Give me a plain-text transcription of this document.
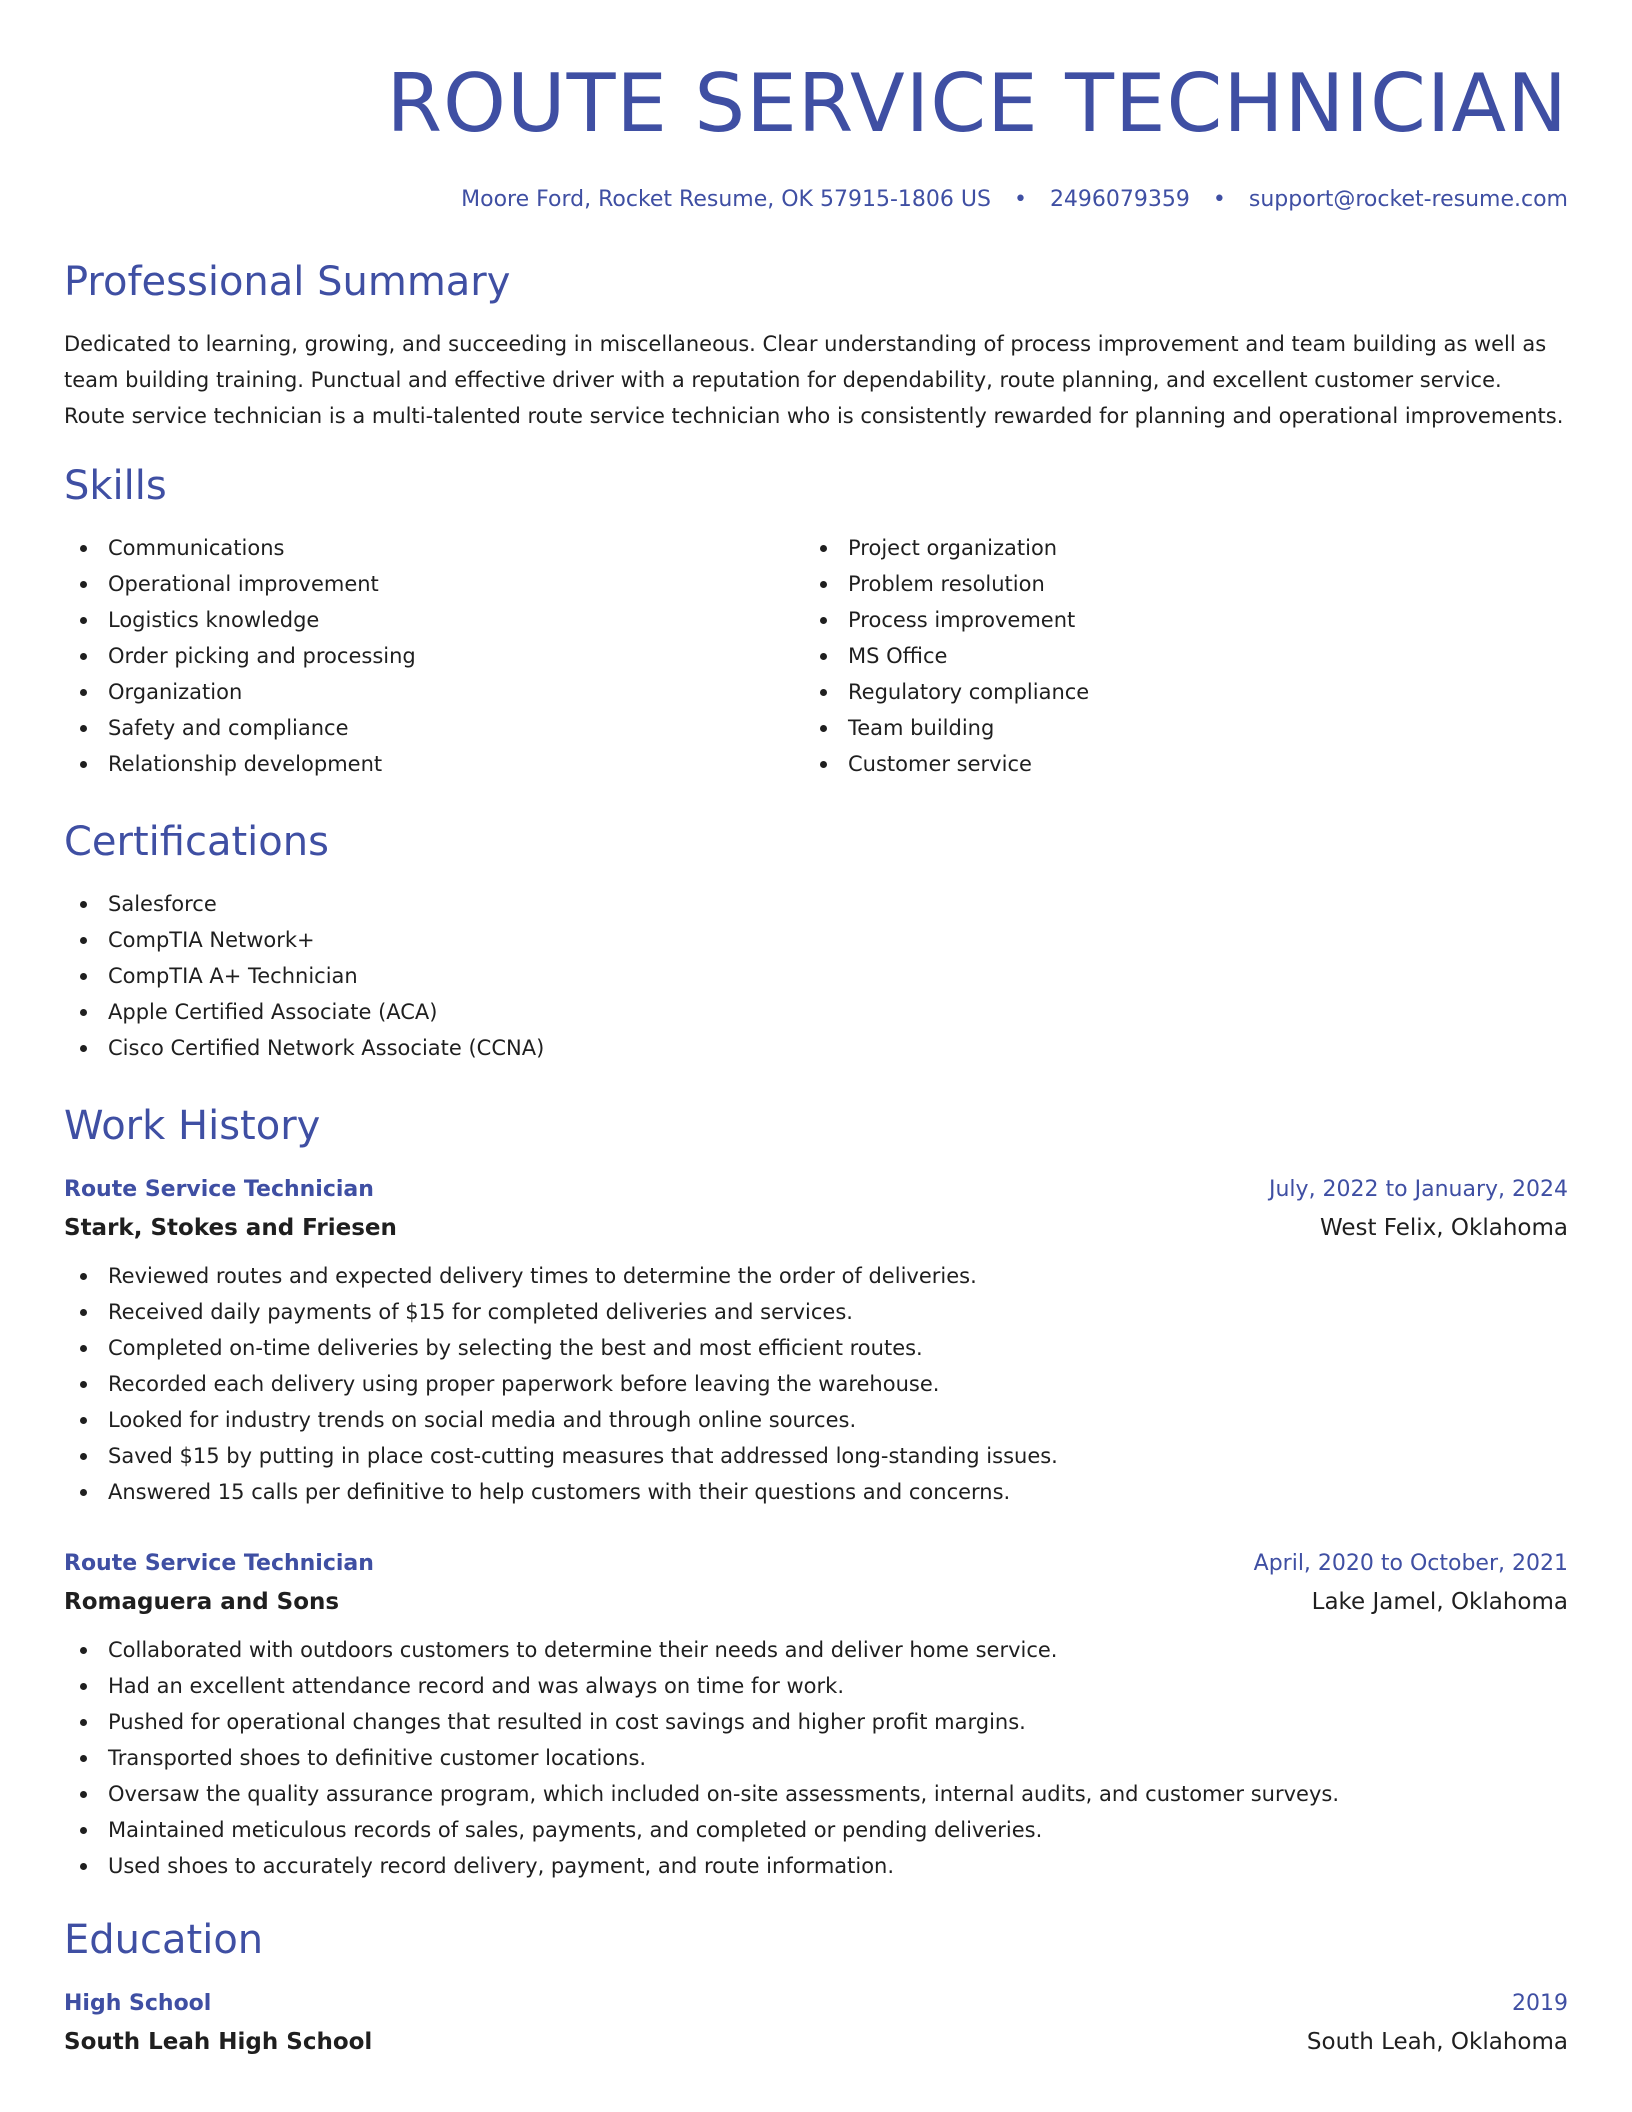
ROUTE SERVICE TECHNICIAN
Moore Ford, Rocket Resume, OK 57915-1806 US • 2496079359 • support@rocket-resume.com
Professional Summary

Dedicated to learning, growing, and succeeding in miscellaneous. Clear understanding of process improvement and team building as well as team building training. Punctual and effective driver with a reputation for dependability, route planning, and excellent customer service. Route service technician is a multi-talented route service technician who is consistently rewarded for planning and operational improvements.

Skills
Communications
Operational improvement
Logistics knowledge
Order picking and processing
Organization
Safety and compliance
Relationship development
Project organization
Problem resolution
Process improvement
MS Office
Regulatory compliance
Team building
Customer service
Certifications
Salesforce
CompTIA Network+
CompTIA A+ Technician
Apple Certified Associate (ACA)
Cisco Certified Network Associate (CCNA)
Work History
Route Service Technician	July, 2022 to January, 2024
Stark, Stokes and Friesen	West Felix, Oklahoma
Reviewed routes and expected delivery times to determine the order of deliveries.
Received daily payments of $15 for completed deliveries and services.
Completed on-time deliveries by selecting the best and most efficient routes.
Recorded each delivery using proper paperwork before leaving the warehouse.
Looked for industry trends on social media and through online sources.
Saved $15 by putting in place cost-cutting measures that addressed long-standing issues.
Answered 15 calls per definitive to help customers with their questions and concerns.
Route Service Technician	April, 2020 to October, 2021
Romaguera and Sons	Lake Jamel, Oklahoma
Collaborated with outdoors customers to determine their needs and deliver home service.
Had an excellent attendance record and was always on time for work.
Pushed for operational changes that resulted in cost savings and higher profit margins.
Transported shoes to definitive customer locations.
Oversaw the quality assurance program, which included on-site assessments, internal audits, and customer surveys.
Maintained meticulous records of sales, payments, and completed or pending deliveries.
Used shoes to accurately record delivery, payment, and route information.
Education
High School	2019
South Leah High School	South Leah, Oklahoma
